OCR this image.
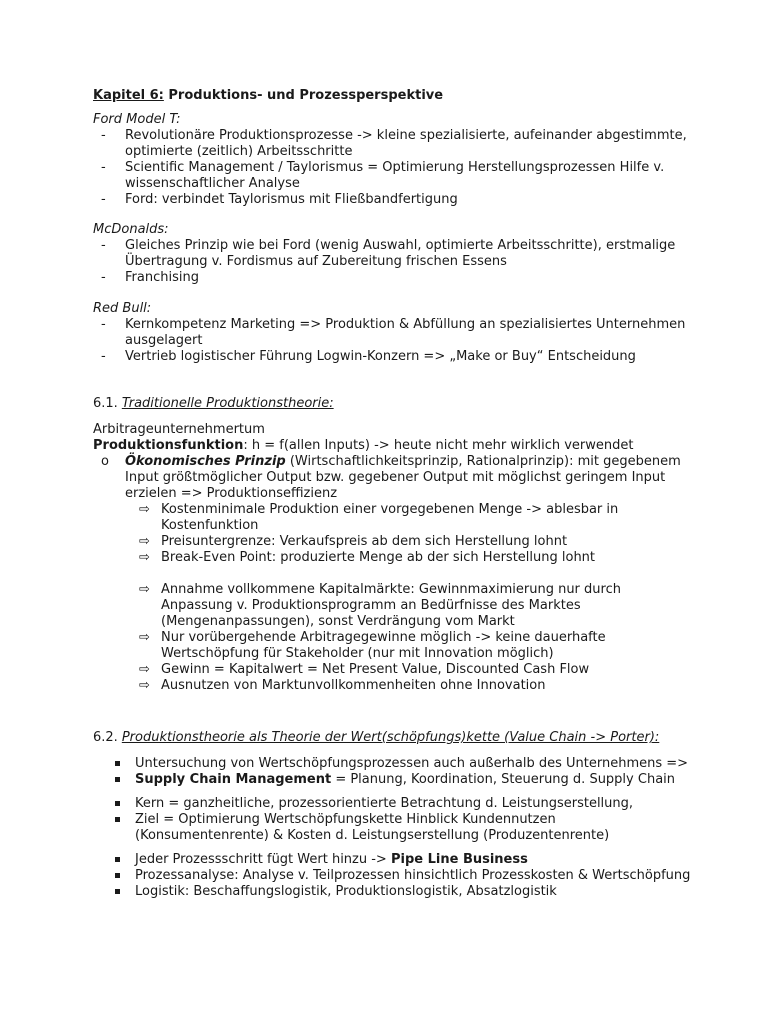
Kapitel 6: Produktions- und Prozessperspektive
Ford Model T:
- Revolutionäre Produktionsprozesse -> kleine spezialisierte, aufeinander abgestimmte, optimierte (zeitlich) Arbeitsschritte
- Scientific Management / Taylorismus = Optimierung Herstellungsprozessen Hilfe v. wissenschaftlicher Analyse
- Ford: verbindet Taylorismus mit Fließbandfertigung
McDonalds:
- Gleiches Prinzip wie bei Ford (wenig Auswahl, optimierte Arbeitsschritte), erstmalige Übertragung v. Fordismus auf Zubereitung frischen Essens
- Franchising
Red Bull:
- Kernkompetenz Marketing => Produktion & Abfüllung an spezialisiertes Unternehmen ausgelagert
- Vertrieb logistischer Führung Logwin-Konzern => „Make or Buy“ Entscheidung
6.1. Traditionelle Produktionstheorie:
Arbitrageunternehmertum
Produktionsfunktion: h = f(allen Inputs) -> heute nicht mehr wirklich verwendet
o Ökonomisches Prinzip (Wirtschaftlichkeitsprinzip, Rationalprinzip): mit gegebenem Input größtmöglicher Output bzw. gegebener Output mit möglichst geringem Input erzielen => Produktionseffizienz
⇨ Kostenminimale Produktion einer vorgegebenen Menge -> ablesbar in Kostenfunktion
⇨ Preisuntergrenze: Verkaufspreis ab dem sich Herstellung lohnt
⇨ Break-Even Point: produzierte Menge ab der sich Herstellung lohnt
⇨ Annahme vollkommene Kapitalmärkte: Gewinnmaximierung nur durch Anpassung v. Produktionsprogramm an Bedürfnisse des Marktes (Mengenanpassungen), sonst Verdrängung vom Markt
⇨ Nur vorübergehende Arbitragegewinne möglich -> keine dauerhafte Wertschöpfung für Stakeholder (nur mit Innovation möglich)
⇨ Gewinn = Kapitalwert = Net Present Value, Discounted Cash Flow
⇨ Ausnutzen von Marktunvollkommenheiten ohne Innovation
6.2. Produktionstheorie als Theorie der Wert(schöpfungs)kette (Value Chain -> Porter):
Untersuchung von Wertschöpfungsprozessen auch außerhalb des Unternehmens =>
Supply Chain Management = Planung, Koordination, Steuerung d. Supply Chain
Kern = ganzheitliche, prozessorientierte Betrachtung d. Leistungserstellung,
Ziel = Optimierung Wertschöpfungskette Hinblick Kundennutzen (Konsumentenrente) & Kosten d. Leistungserstellung (Produzentenrente)
Jeder Prozessschritt fügt Wert hinzu -> Pipe Line Business
Prozessanalyse: Analyse v. Teilprozessen hinsichtlich Prozesskosten & Wertschöpfung
Logistik: Beschaffungslogistik, Produktionslogistik, Absatzlogistik
